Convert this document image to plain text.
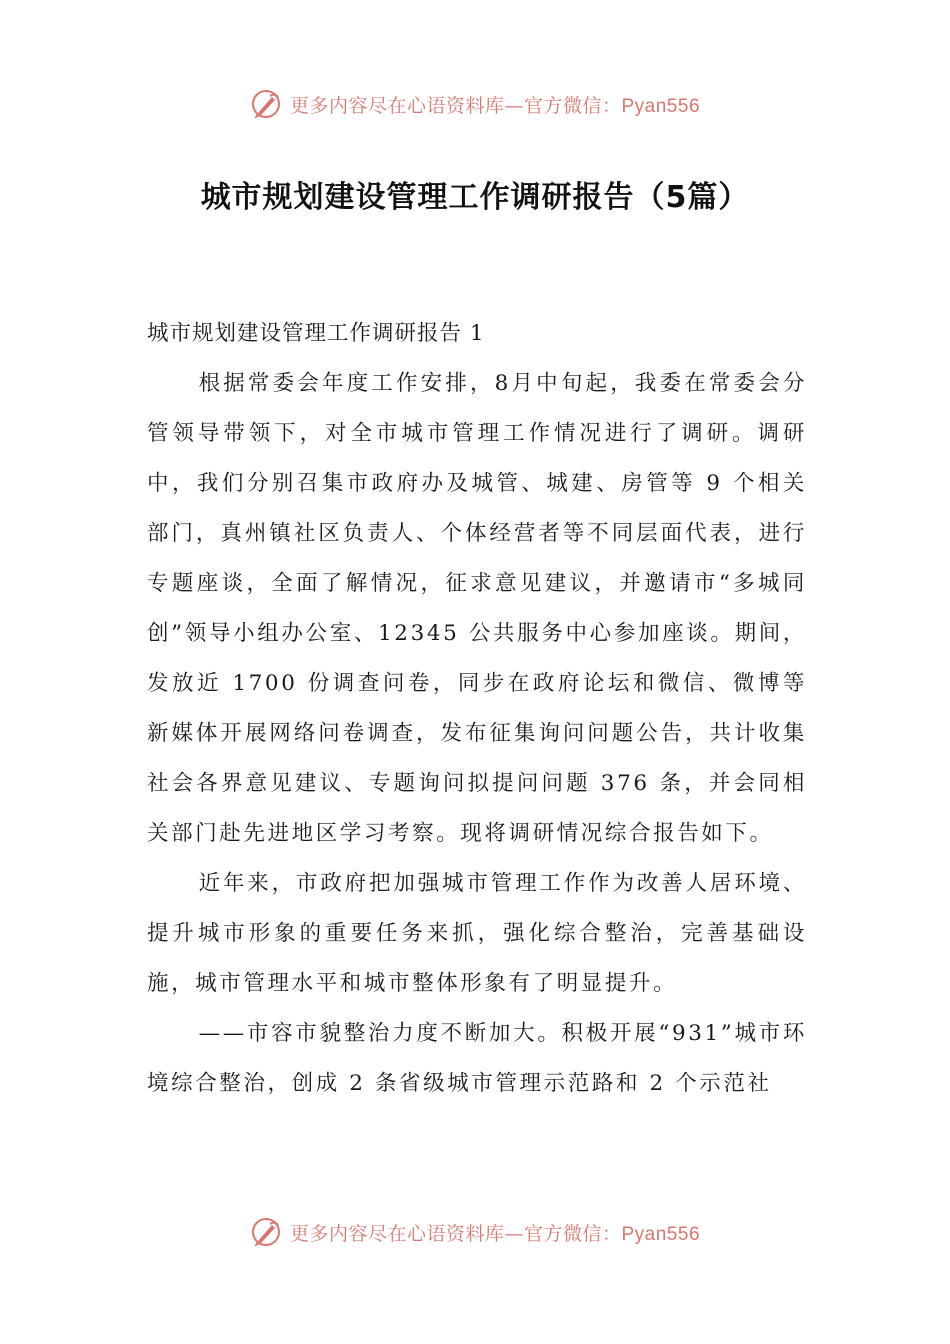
更多内容尽在心语资料库—官方微信：Pyan556
城市规划建设管理工作调研报告（5篇）

城市规划建设管理工作调研报告 1

根据常委会年度工作安排，8月中旬起，我委在常委会分管领导带领下，对全市城市管理工作情况进行了调研。调研中，我们分别召集市政府办及城管、城建、房管等 9 个相关部门，真州镇社区负责人、个体经营者等不同层面代表，进行专题座谈，全面了解情况，征求意见建议，并邀请市“多城同创”领导小组办公室、12345 公共服务中心参加座谈。期间，发放近 1700 份调查问卷，同步在政府论坛和微信、微博等新媒体开展网络问卷调查，发布征集询问问题公告，共计收集社会各界意见建议、专题询问拟提问问题 376 条，并会同相关部门赴先进地区学习考察。现将调研情况综合报告如下。

近年来，市政府把加强城市管理工作作为改善人居环境、提升城市形象的重要任务来抓，强化综合整治，完善基础设施，城市管理水平和城市整体形象有了明显提升。

——市容市貌整治力度不断加大。积极开展“931”城市环境综合整治，创成 2 条省级城市管理示范路和 2 个示范社

更多内容尽在心语资料库—官方微信：Pyan556
